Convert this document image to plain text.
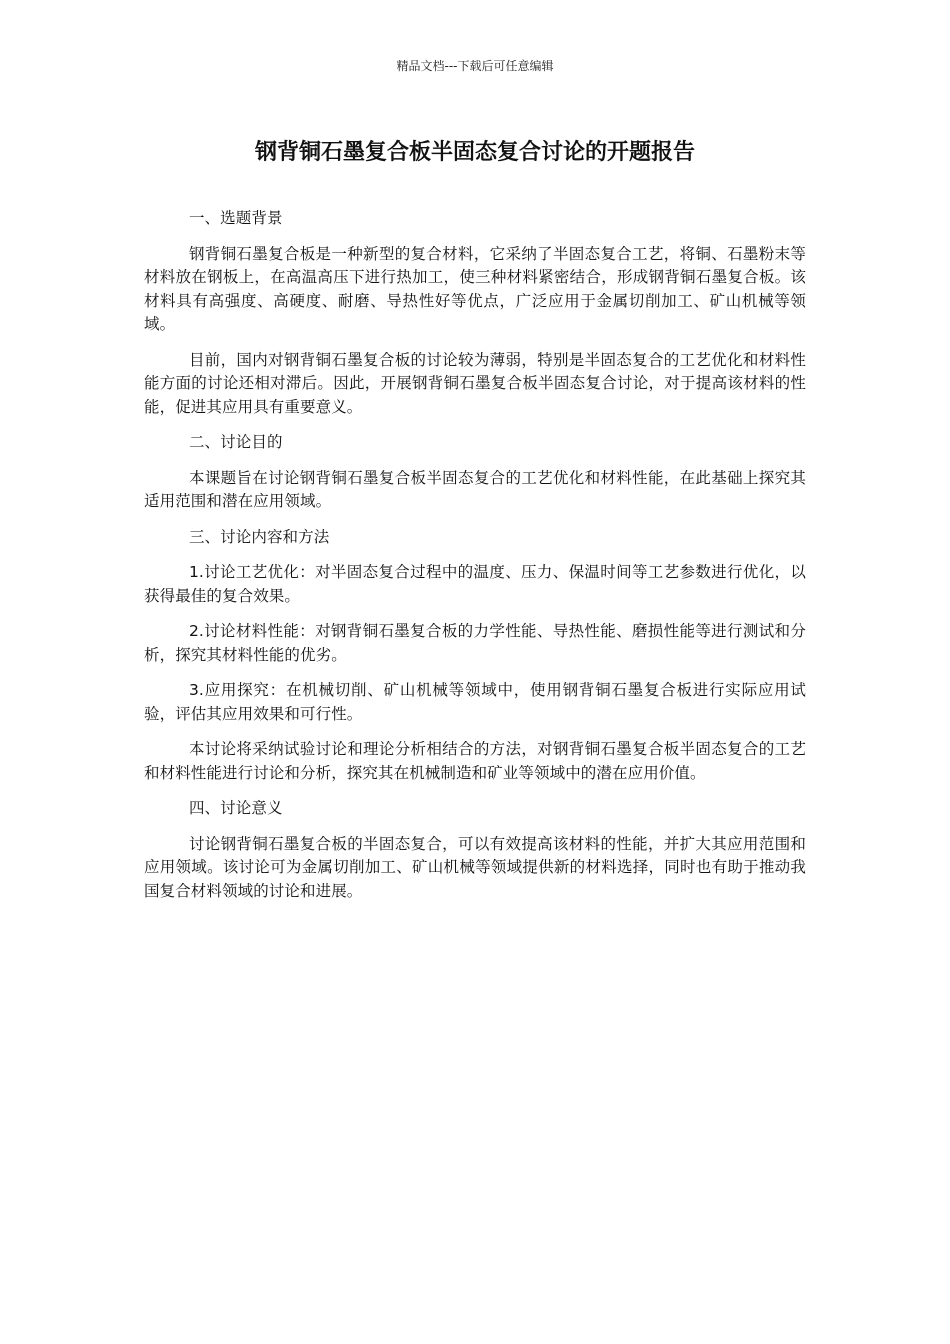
精品文档---下载后可任意编辑
钢背铜石墨复合板半固态复合讨论的开题报告

一、选题背景

钢背铜石墨复合板是一种新型的复合材料，它采纳了半固态复合工艺，将铜、石墨粉末等材料放在钢板上，在高温高压下进行热加工，使三种材料紧密结合，形成钢背铜石墨复合板。该材料具有高强度、高硬度、耐磨、导热性好等优点，广泛应用于金属切削加工、矿山机械等领域。

目前，国内对钢背铜石墨复合板的讨论较为薄弱，特别是半固态复合的工艺优化和材料性能方面的讨论还相对滞后。因此，开展钢背铜石墨复合板半固态复合讨论，对于提高该材料的性能，促进其应用具有重要意义。

二、讨论目的

本课题旨在讨论钢背铜石墨复合板半固态复合的工艺优化和材料性能，在此基础上探究其适用范围和潜在应用领域。

三、讨论内容和方法

1.讨论工艺优化：对半固态复合过程中的温度、压力、保温时间等工艺参数进行优化，以获得最佳的复合效果。

2.讨论材料性能：对钢背铜石墨复合板的力学性能、导热性能、磨损性能等进行测试和分析，探究其材料性能的优劣。

3.应用探究：在机械切削、矿山机械等领域中，使用钢背铜石墨复合板进行实际应用试验，评估其应用效果和可行性。

本讨论将采纳试验讨论和理论分析相结合的方法，对钢背铜石墨复合板半固态复合的工艺和材料性能进行讨论和分析，探究其在机械制造和矿业等领域中的潜在应用价值。

四、讨论意义

讨论钢背铜石墨复合板的半固态复合，可以有效提高该材料的性能，并扩大其应用范围和应用领域。该讨论可为金属切削加工、矿山机械等领域提供新的材料选择，同时也有助于推动我国复合材料领域的讨论和进展。
